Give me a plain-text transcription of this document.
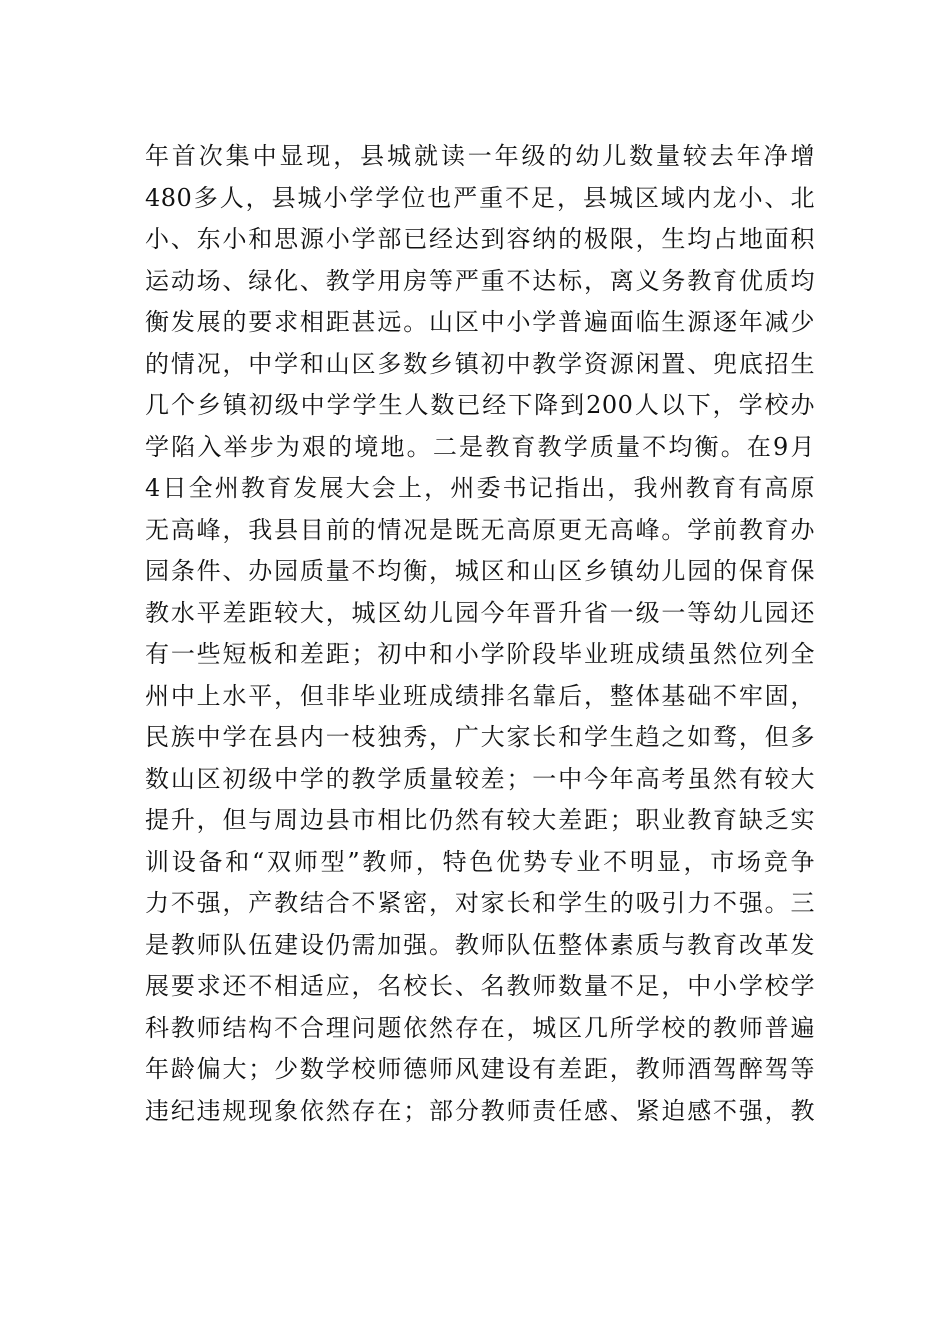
年首次集中显现，县城就读一年级的幼儿数量较去年净增
480多人，县城小学学位也严重不足，县城区域内龙小、北
小、东小和思源小学部已经达到容纳的极限，生均占地面积
运动场、绿化、教学用房等严重不达标，离义务教育优质均
衡发展的要求相距甚远。山区中小学普遍面临生源逐年减少
的情况，中学和山区多数乡镇初中教学资源闲置、兜底招生
几个乡镇初级中学学生人数已经下降到200人以下，学校办
学陷入举步为艰的境地。二是教育教学质量不均衡。在9月
4日全州教育发展大会上，州委书记指出，我州教育有高原
无高峰，我县目前的情况是既无高原更无高峰。学前教育办
园条件、办园质量不均衡，城区和山区乡镇幼儿园的保育保
教水平差距较大，城区幼儿园今年晋升省一级一等幼儿园还
有一些短板和差距；初中和小学阶段毕业班成绩虽然位列全
州中上水平，但非毕业班成绩排名靠后，整体基础不牢固，
民族中学在县内一枝独秀，广大家长和学生趋之如骛，但多
数山区初级中学的教学质量较差；一中今年高考虽然有较大
提升，但与周边县市相比仍然有较大差距；职业教育缺乏实
训设备和“双师型”教师，特色优势专业不明显，市场竞争
力不强，产教结合不紧密，对家长和学生的吸引力不强。三
是教师队伍建设仍需加强。教师队伍整体素质与教育改革发
展要求还不相适应，名校长、名教师数量不足，中小学校学
科教师结构不合理问题依然存在，城区几所学校的教师普遍
年龄偏大；少数学校师德师风建设有差距，教师酒驾醉驾等
违纪违规现象依然存在；部分教师责任感、紧迫感不强，教
